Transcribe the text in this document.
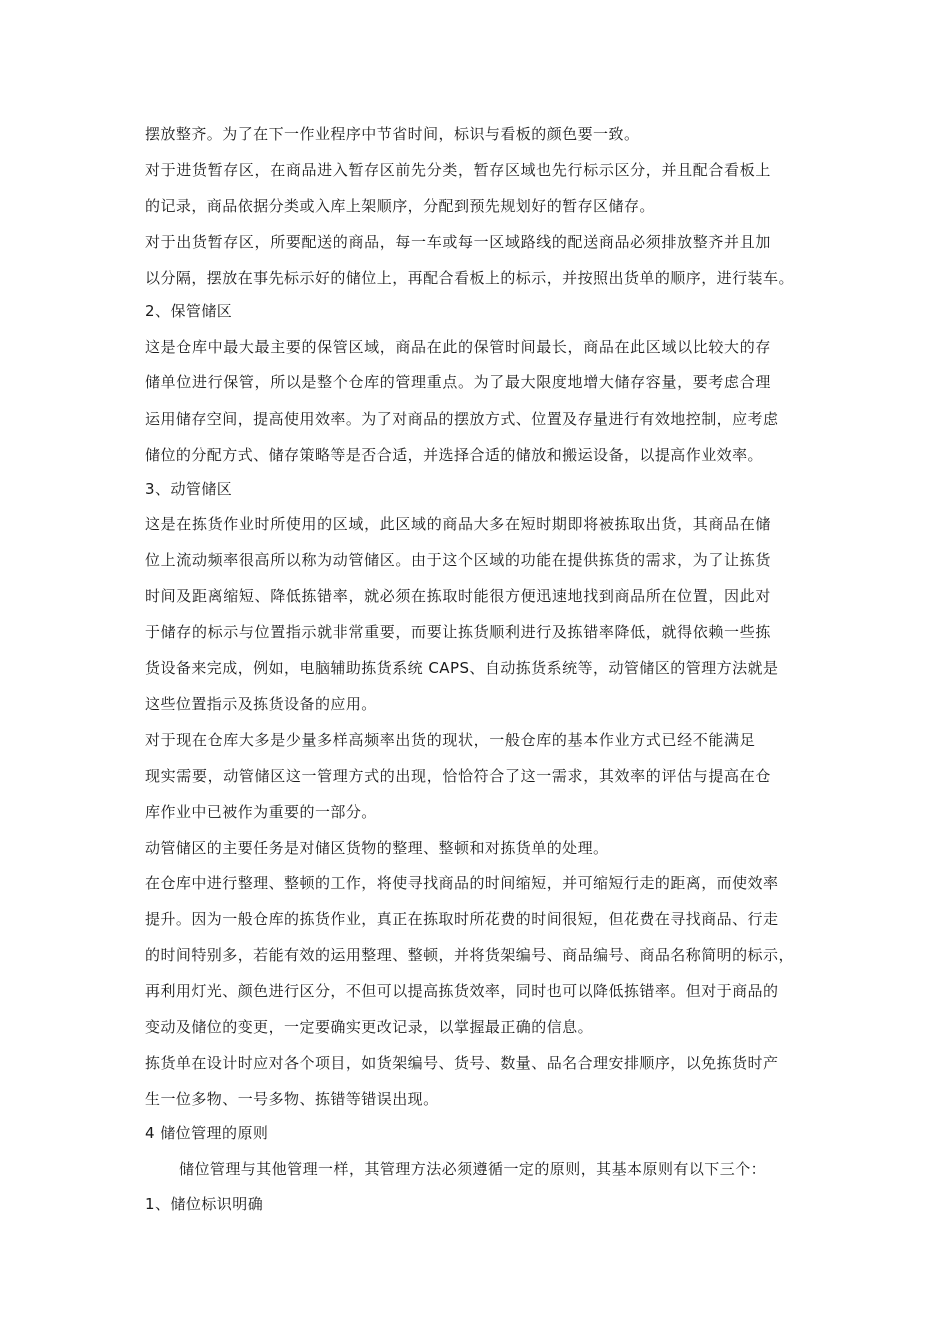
摆放整齐。为了在下一作业程序中节省时间，标识与看板的颜色要一致。
对于进货暂存区，在商品进入暂存区前先分类，暂存区域也先行标示区分，并且配合看板上
的记录，商品依据分类或入库上架顺序，分配到预先规划好的暂存区储存。
对于出货暂存区，所要配送的商品，每一车或每一区域路线的配送商品必须排放整齐并且加
以分隔，摆放在事先标示好的储位上，再配合看板上的标示，并按照出货单的顺序，进行装车。
2、保管储区
这是仓库中最大最主要的保管区域，商品在此的保管时间最长，商品在此区域以比较大的存
储单位进行保管，所以是整个仓库的管理重点。为了最大限度地增大储存容量，要考虑合理
运用储存空间，提高使用效率。为了对商品的摆放方式、位置及存量进行有效地控制，应考虑
储位的分配方式、储存策略等是否合适，并选择合适的储放和搬运设备，以提高作业效率。
3、动管储区
这是在拣货作业时所使用的区域，此区域的商品大多在短时期即将被拣取出货，其商品在储
位上流动频率很高所以称为动管储区。由于这个区域的功能在提供拣货的需求，为了让拣货
时间及距离缩短、降低拣错率，就必须在拣取时能很方便迅速地找到商品所在位置，因此对
于储存的标示与位置指示就非常重要，而要让拣货顺利进行及拣错率降低，就得依赖一些拣
货设备来完成，例如，电脑辅助拣货系统 CAPS、自动拣货系统等，动管储区的管理方法就是
这些位置指示及拣货设备的应用。
对于现在仓库大多是少量多样高频率出货的现状，一般仓库的基本作业方式已经不能满足
现实需要，动管储区这一管理方式的出现，恰恰符合了这一需求，其效率的评估与提高在仓
库作业中已被作为重要的一部分。
动管储区的主要任务是对储区货物的整理、整顿和对拣货单的处理。
在仓库中进行整理、整顿的工作，将使寻找商品的时间缩短，并可缩短行走的距离，而使效率
提升。因为一般仓库的拣货作业，真正在拣取时所花费的时间很短，但花费在寻找商品、行走
的时间特别多，若能有效的运用整理、整顿，并将货架编号、商品编号、商品名称简明的标示，
再利用灯光、颜色进行区分，不但可以提高拣货效率，同时也可以降低拣错率。但对于商品的
变动及储位的变更，一定要确实更改记录，以掌握最正确的信息。
拣货单在设计时应对各个项目，如货架编号、货号、数量、品名合理安排顺序，以免拣货时产
生一位多物、一号多物、拣错等错误出现。
4 储位管理的原则
储位管理与其他管理一样，其管理方法必须遵循一定的原则，其基本原则有以下三个：
1、储位标识明确
